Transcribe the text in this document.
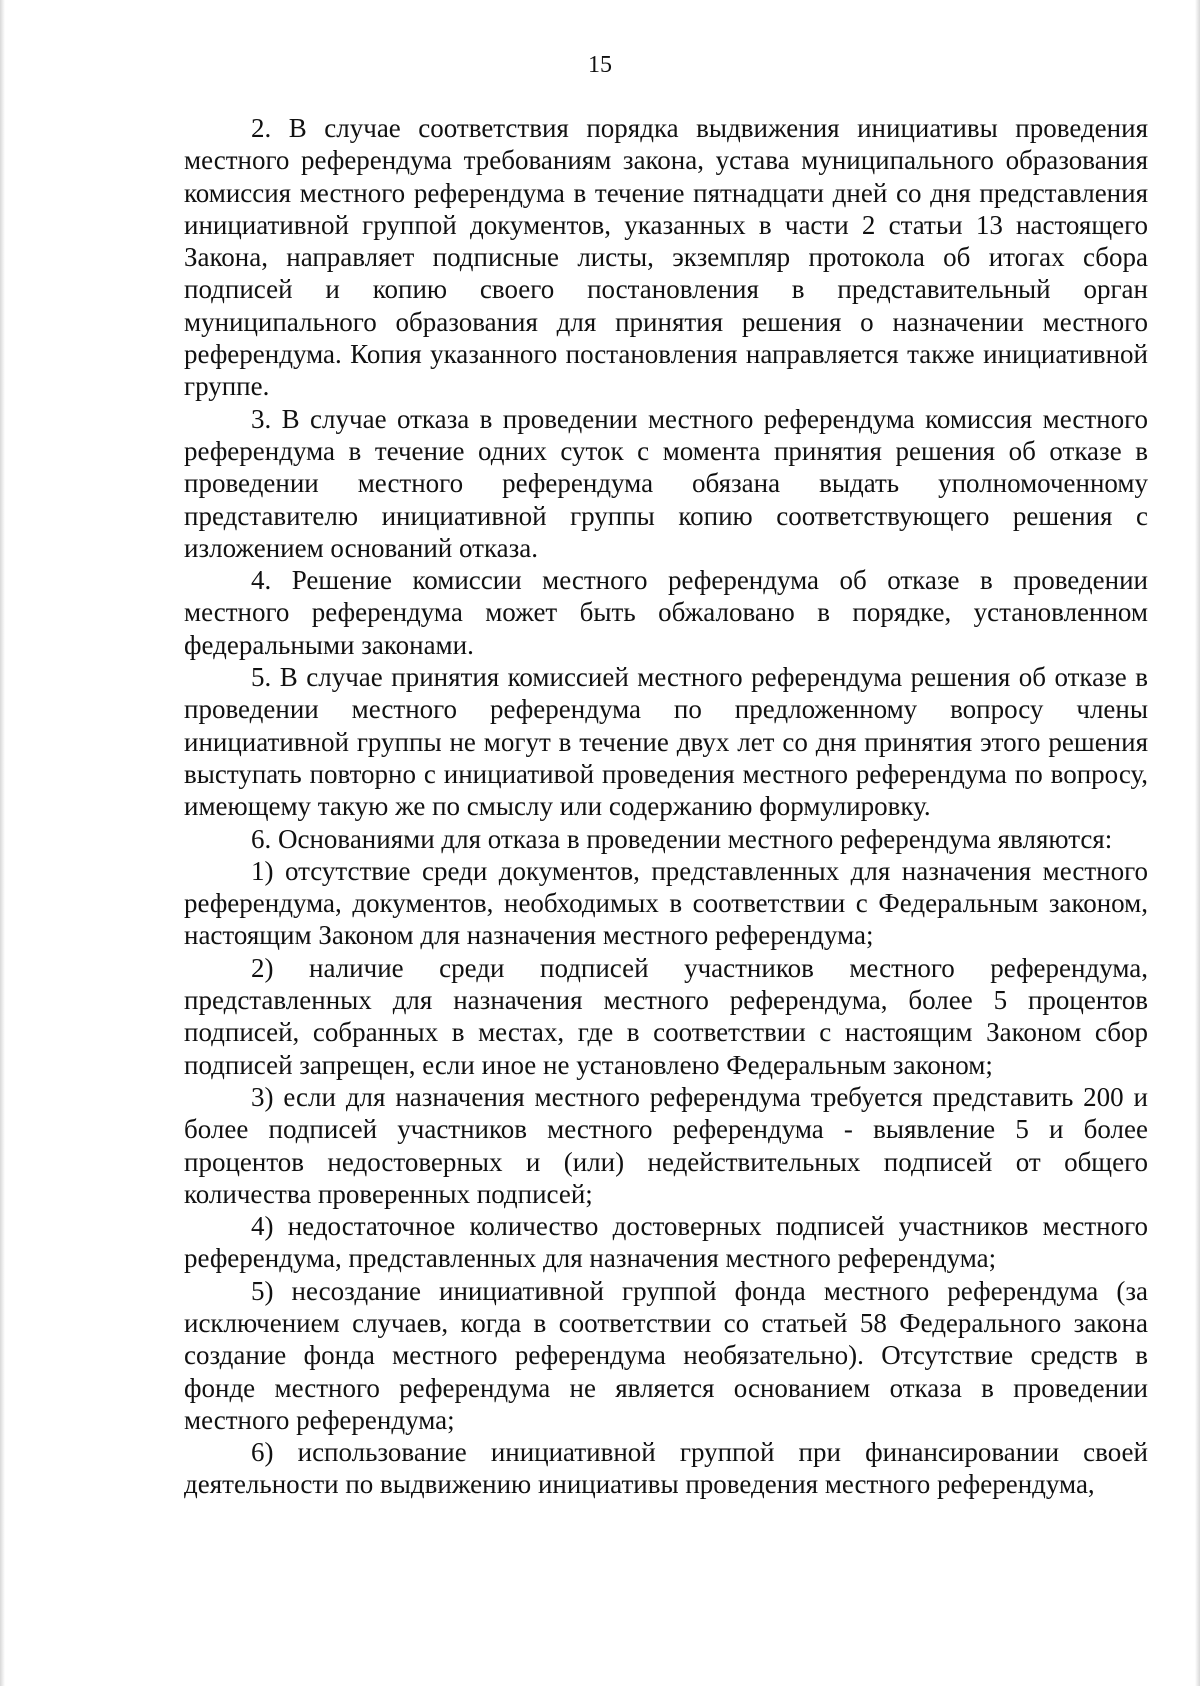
15

2. В случае соответствия порядка выдвижения инициативы проведения местного референдума требованиям закона, устава муниципального образования комиссия местного референдума в течение пятнадцати дней со дня представления инициативной группой документов, указанных в части 2 статьи 13 настоящего Закона, направляет подписные листы, экземпляр протокола об итогах сбора подписей и копию своего постановления в представительный орган муниципального образования для принятия решения о назначении местного референдума. Копия указанного постановления направляется также инициативной группе.

3. В случае отказа в проведении местного референдума комиссия местного референдума в течение одних суток с момента принятия решения об отказе в проведении местного референдума обязана выдать уполномоченному представителю инициативной группы копию соответствующего решения с изложением оснований отказа.

4. Решение комиссии местного референдума об отказе в проведении местного референдума может быть обжаловано в порядке, установленном федеральными законами.

5. В случае принятия комиссией местного референдума решения об отказе в проведении местного референдума по предложенному вопросу члены инициативной группы не могут в течение двух лет со дня принятия этого решения выступать повторно с инициативой проведения местного референдума по вопросу, имеющему такую же по смыслу или содержанию формулировку.

6. Основаниями для отказа в проведении местного референдума являются:

1) отсутствие среди документов, представленных для назначения местного референдума, документов, необходимых в соответствии с Федеральным законом, настоящим Законом для назначения местного референдума;

2) наличие среди подписей участников местного референдума, представленных для назначения местного референдума, более 5 процентов подписей, собранных в местах, где в соответствии с настоящим Законом сбор подписей запрещен, если иное не установлено Федеральным законом;

3) если для назначения местного референдума требуется представить 200 и более подписей участников местного референдума - выявление 5 и более процентов недостоверных и (или) недействительных подписей от общего количества проверенных подписей;

4) недостаточное количество достоверных подписей участников местного референдума, представленных для назначения местного референдума;

5) несоздание инициативной группой фонда местного референдума (за исключением случаев, когда в соответствии со статьей 58 Федерального закона создание фонда местного референдума необязательно). Отсутствие средств в фонде местного референдума не является основанием отказа в проведении местного референдума;

6) использование инициативной группой при финансировании своей деятельности по выдвижению инициативы проведения местного референдума,
